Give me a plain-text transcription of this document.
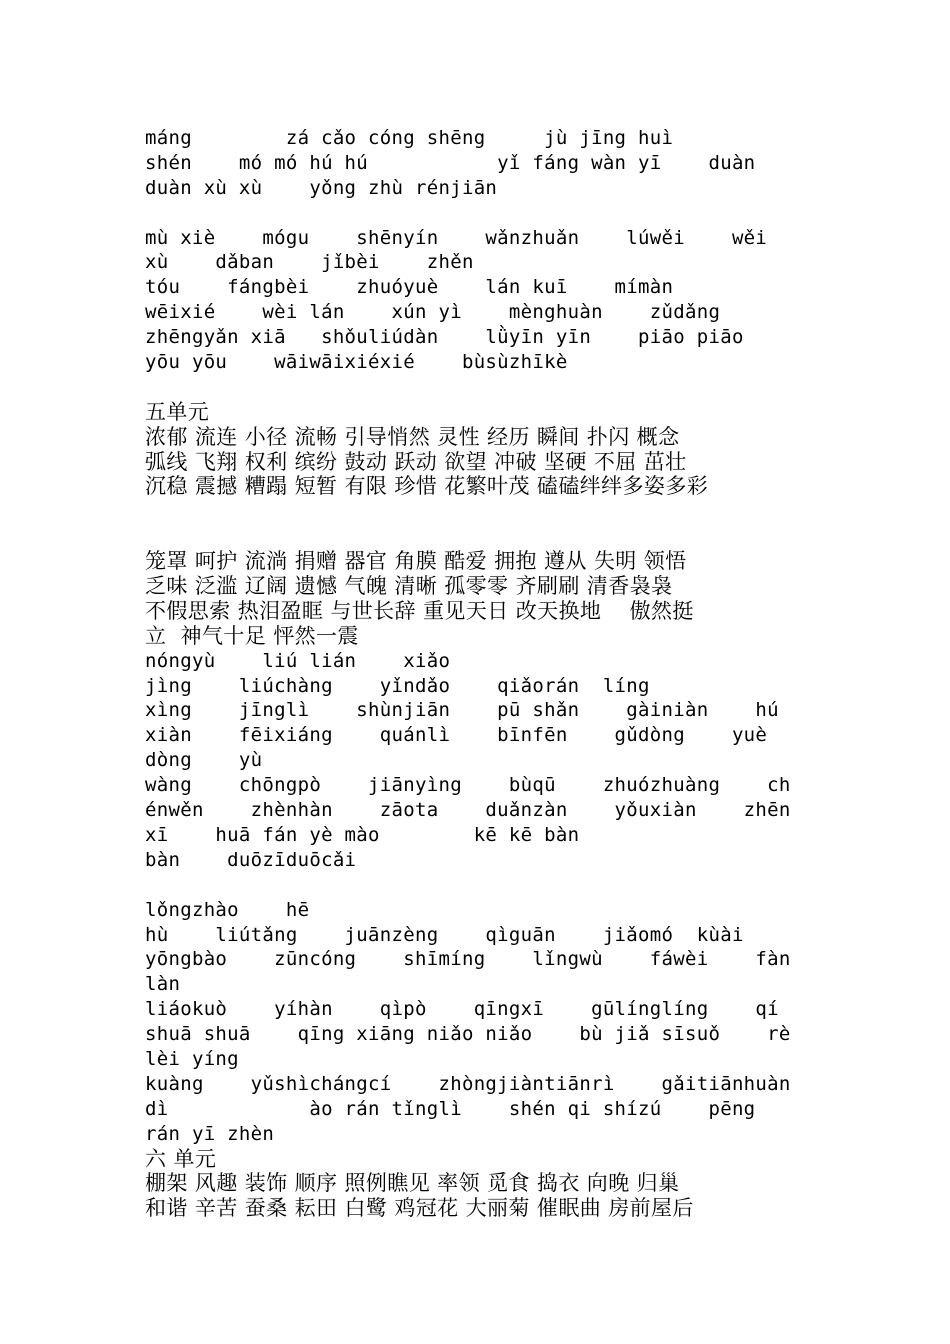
máng        zá cǎo cóng shēng     jù jīng huì
shén    mó mó hú hú           yǐ fáng wàn yī    duàn
duàn xù xù    yǒng zhù rénjiān
mù xiè    mógu    shēnyín    wǎnzhuǎn    lúwěi    wěi
xù    dǎban    jǐbèi    zhěn
tóu    fángbèi    zhuóyuè    lán kuī    mímàn
wēixié    wèi lán    xún yì    mènghuàn    zǔdǎng
zhēngyǎn xiā   shǒuliúdàn    lǜyīn yīn    piāo piāo
yōu yōu    wāiwāixiéxié    bùsùzhīkè
五单元
浓郁 流连 小径 流畅 引导悄然 灵性 经历 瞬间 扑闪 概念
弧线 飞翔 权利 缤纷 鼓动 跃动 欲望 冲破 坚硬 不屈 茁壮
沉稳 震撼 糟蹋 短暂 有限 珍惜 花繁叶茂 磕磕绊绊多姿多彩
笼罩 呵护 流淌 捐赠 器官 角膜 酷爱 拥抱 遵从 失明 领悟
乏味 泛滥 辽阔 遗憾 气魄 清晰 孤零零 齐刷刷 清香袅袅
不假思索 热泪盈眶 与世长辞 重见天日 改天换地    傲然挺
立  神气十足 怦然一震
nóngyù    liú lián    xiǎo
jìng    liúchàng    yǐndǎo    qiǎorán  líng
xìng    jīnglì    shùnjiān    pū shǎn    gàiniàn    hú
xiàn    fēixiáng    quánlì    bīnfēn    gǔdòng    yuè
dòng    yù
wàng    chōngpò    jiānyìng    bùqū    zhuózhuàng    ch
énwěn    zhènhàn    zāota    duǎnzàn    yǒuxiàn    zhēn
xī    huā fán yè mào        kē kē bàn
bàn    duōzīduōcǎi
lǒngzhào    hē
hù    liútǎng    juānzèng    qìguān    jiǎomó  kùài
yōngbào    zūncóng    shīmíng    lǐngwù    fáwèi    fàn
làn
liáokuò    yíhàn    qìpò    qīngxī    gūlínglíng    qí
shuā shuā    qīng xiāng niǎo niǎo    bù jiǎ sīsuǒ    rè
lèi yíng
kuàng    yǔshìchángcí    zhòngjiàntiānrì    gǎitiānhuàn
dì            ào rán tǐnglì    shén qi shízú    pēng
rán yī zhèn
六 单元
棚架 风趣 装饰 顺序 照例瞧见 率领 觅食 捣衣 向晚 归巢
和谐 辛苦 蚕桑 耘田 白鹭 鸡冠花 大丽菊 催眠曲 房前屋后
